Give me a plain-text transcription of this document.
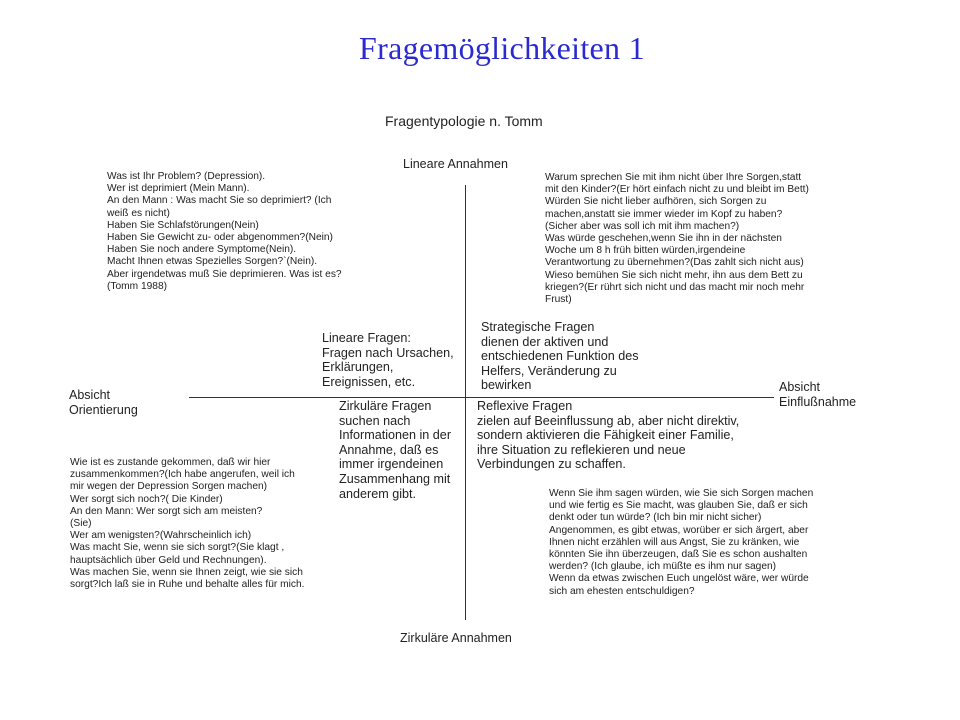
Fragemöglichkeiten 1
Fragentypologie n. Tomm
Lineare Annahmen
Zirkuläre Annahmen
Absicht
Orientierung
Absicht
Einflußnahme
Was ist Ihr Problem? (Depression).
Wer ist deprimiert (Mein Mann).
An den Mann : Was macht Sie so deprimiert? (Ich
weiß es nicht)
Haben Sie Schlafstörungen(Nein)
Haben Sie Gewicht zu- oder abgenommen?(Nein)
Haben Sie noch andere Symptome(Nein).
Macht Ihnen etwas Spezielles Sorgen?`(Nein).
Aber irgendetwas muß Sie deprimieren. Was ist es?
(Tomm 1988)
Warum sprechen Sie mit ihm nicht über Ihre Sorgen,statt
mit den Kinder?(Er hört einfach nicht zu und bleibt im Bett)
Würden Sie nicht lieber aufhören, sich Sorgen zu
machen,anstatt sie immer wieder im Kopf zu haben?
(Sicher aber was soll ich mit ihm machen?)
Was würde geschehen,wenn Sie ihn in der nächsten
Woche um 8 h früh bitten würden,irgendeine
Verantwortung zu übernehmen?(Das zahlt sich nicht aus)
Wieso bemühen Sie sich nicht mehr, ihn aus dem Bett zu
kriegen?(Er rührt sich nicht und das macht mir noch mehr
Frust)
Lineare Fragen:
Fragen nach Ursachen,
Erklärungen,
Ereignissen, etc.
Strategische Fragen
dienen der aktiven und
entschiedenen Funktion des
Helfers, Veränderung zu
bewirken
Zirkuläre Fragen
suchen nach
Informationen in der
Annahme, daß es
immer irgendeinen
Zusammenhang mit
anderem gibt.
Reflexive Fragen
zielen auf Beeinflussung ab, aber nicht direktiv,
sondern aktivieren die Fähigkeit einer Familie,
ihre Situation zu reflekieren und neue
Verbindungen zu schaffen.
Wie ist es zustande gekommen, daß wir hier
zusammenkommen?(Ich habe angerufen, weil ich
mir wegen der Depression Sorgen machen)
Wer sorgt sich noch?( Die Kinder)
An den Mann: Wer sorgt sich am meisten?
(Sie)
Wer am wenigsten?(Wahrscheinlich ich)
Was macht Sie, wenn sie sich sorgt?(Sie klagt ,
hauptsächlich über Geld und Rechnungen).
Was machen Sie, wenn sie Ihnen zeigt, wie sie sich
sorgt?Ich laß sie in Ruhe und behalte alles für mich.
Wenn Sie ihm sagen würden, wie Sie sich Sorgen machen
und wie fertig es Sie macht, was glauben Sie, daß er sich
denkt oder tun würde? (Ich bin mir nicht sicher)
Angenommen, es gibt etwas, worüber er sich ärgert, aber
Ihnen nicht erzählen will aus Angst, Sie zu kränken, wie
könnten Sie ihn überzeugen, daß Sie es schon aushalten
werden? (Ich glaube, ich müßte es ihm nur sagen)
Wenn da etwas zwischen Euch ungelöst wäre, wer würde
sich am ehesten entschuldigen?
